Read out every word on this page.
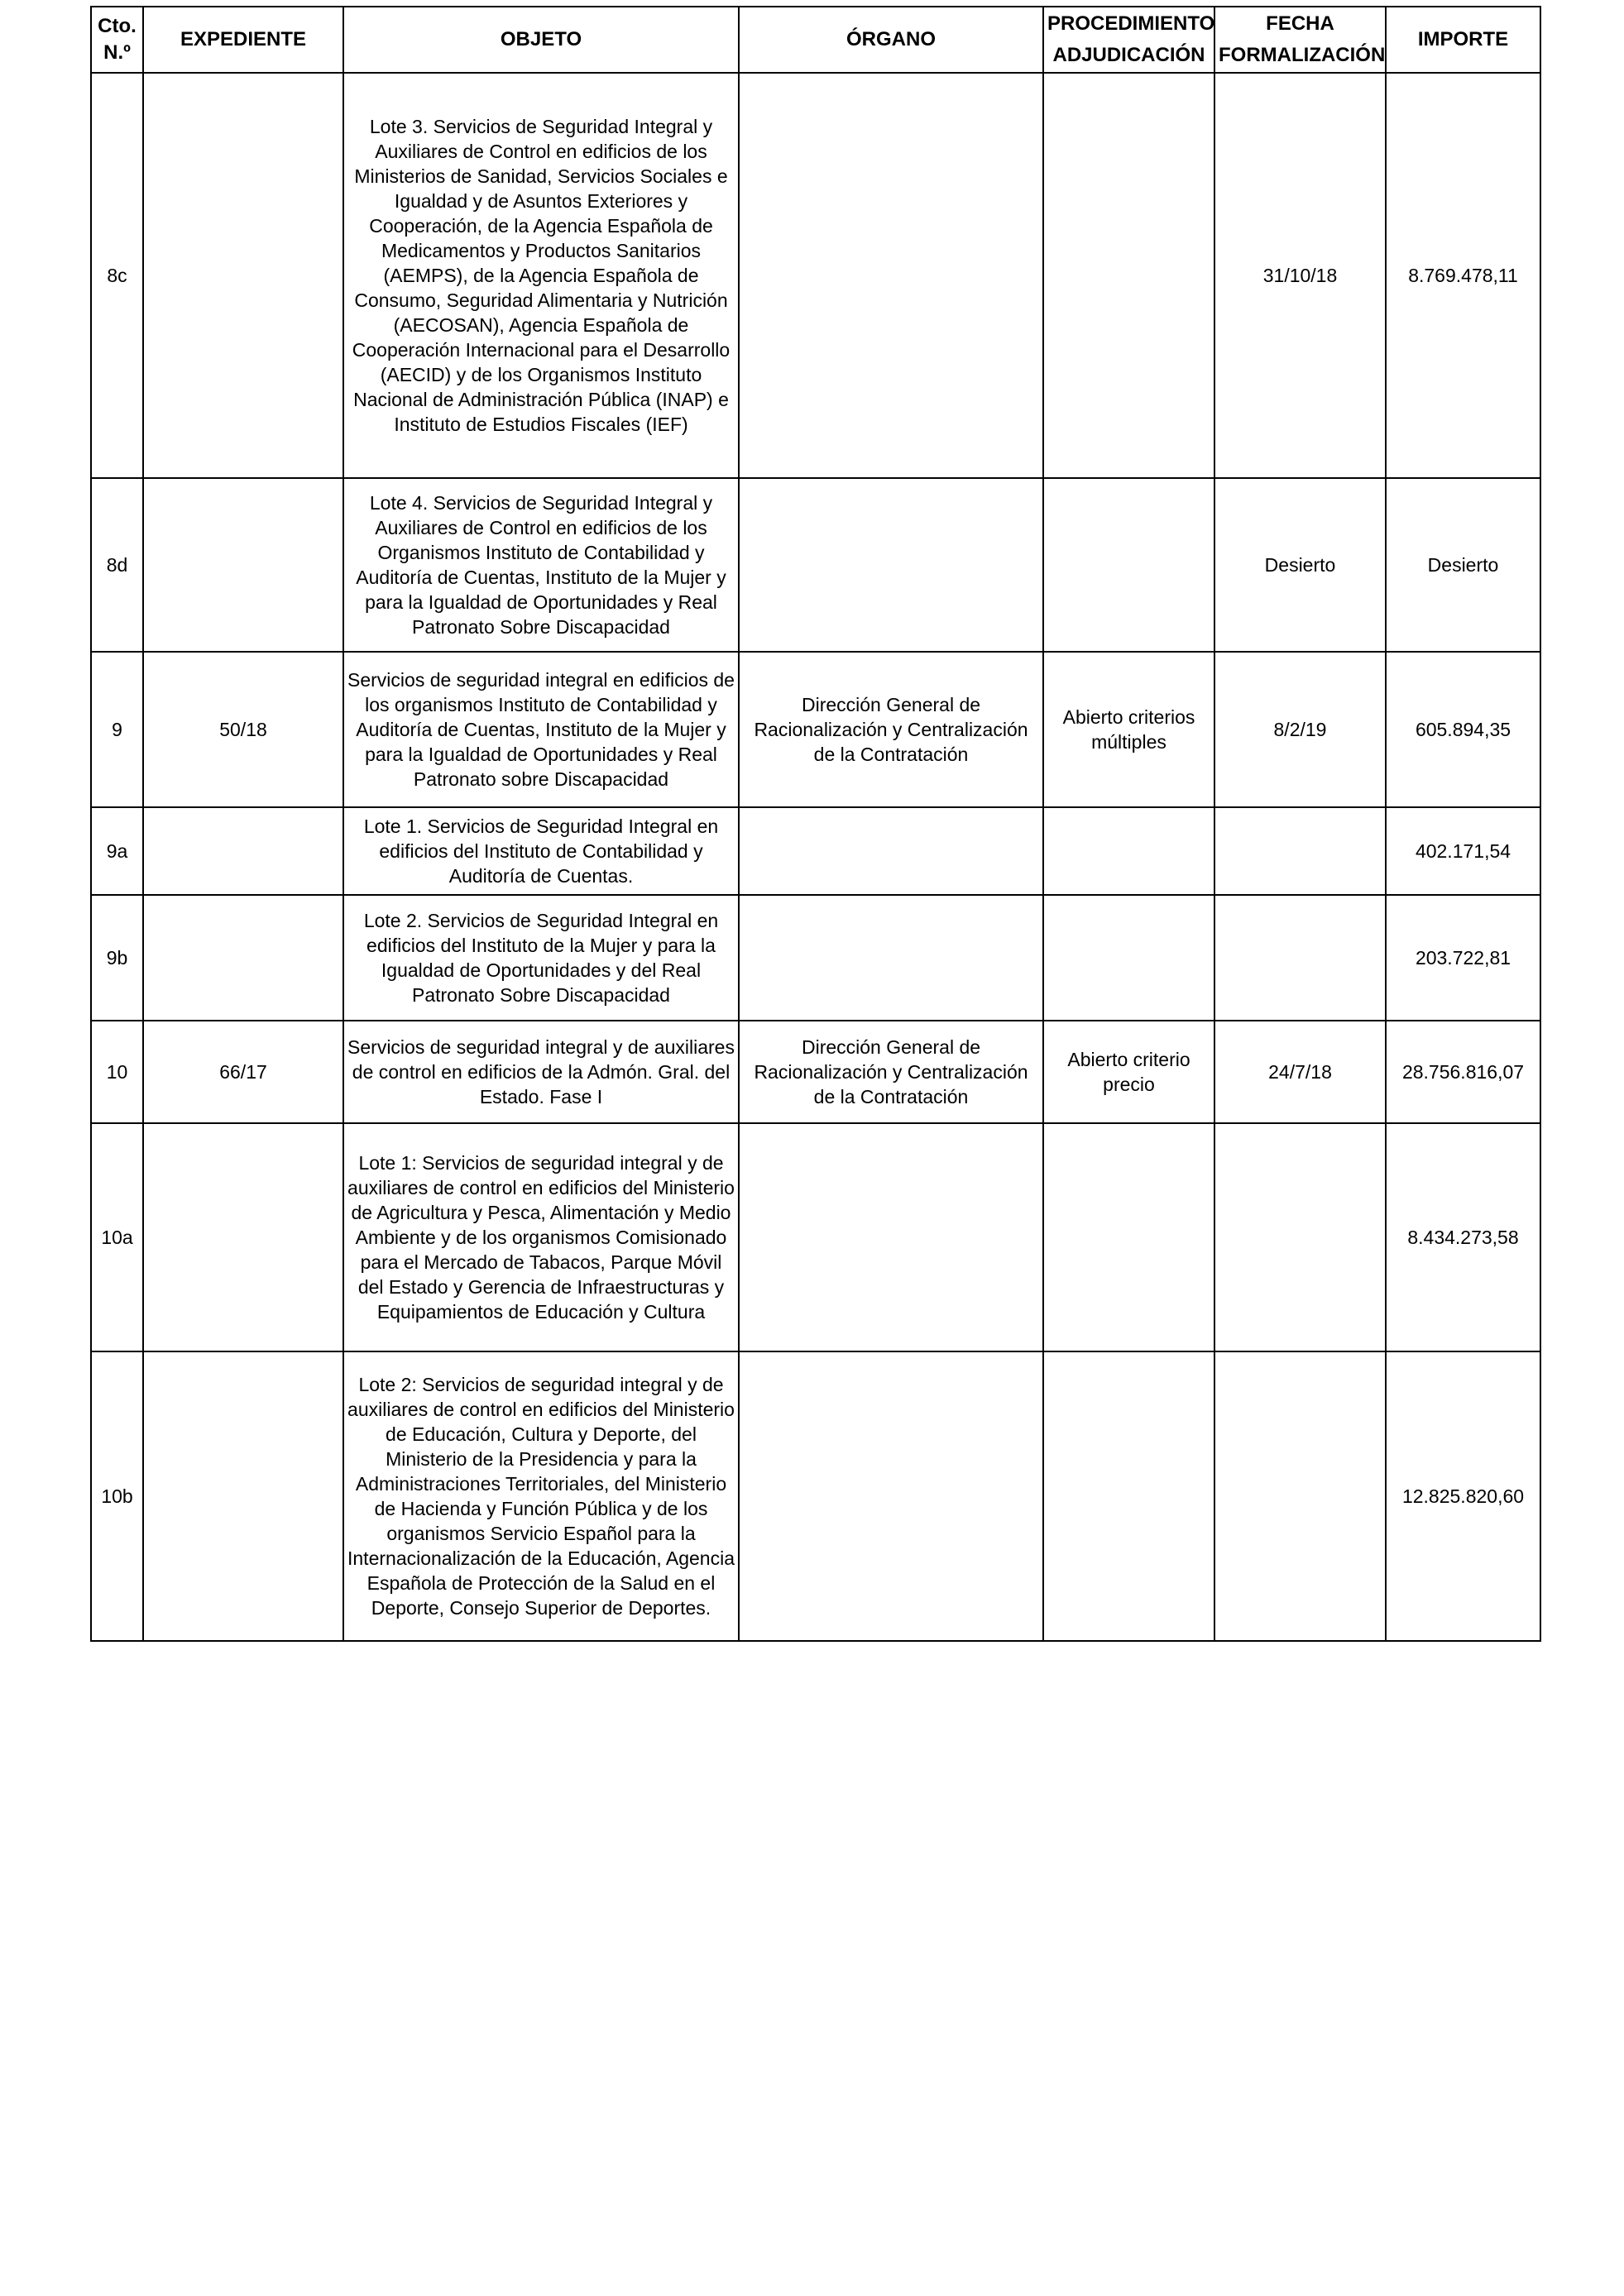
Cto. N.º	EXPEDIENTE	OBJETO	ÓRGANO	PROCEDIMIENTO ADJUDICACIÓN	FECHA FORMALIZACIÓN	IMPORTE
8c		Lote 3. Servicios de Seguridad Integral y Auxiliares de Control en edificios de los Ministerios de Sanidad, Servicios Sociales e Igualdad y de Asuntos Exteriores y Cooperación, de la Agencia Española de Medicamentos y Productos Sanitarios (AEMPS), de la Agencia Española de Consumo, Seguridad Alimentaria y Nutrición (AECOSAN), Agencia Española de Cooperación Internacional para el Desarrollo (AECID) y de los Organismos Instituto Nacional de Administración Pública (INAP) e Instituto de Estudios Fiscales (IEF)			31/10/18	8.769.478,11
8d		Lote 4. Servicios de Seguridad Integral y Auxiliares de Control en edificios de los Organismos Instituto de Contabilidad y Auditoría de Cuentas, Instituto de la Mujer y para la Igualdad de Oportunidades y Real Patronato Sobre Discapacidad			Desierto	Desierto
9	50/18	Servicios de seguridad integral en edificios de los organismos Instituto de Contabilidad y Auditoría de Cuentas, Instituto de la Mujer y para la Igualdad de Oportunidades y Real Patronato sobre Discapacidad	Dirección General de Racionalización y Centralización de la Contratación	Abierto criterios múltiples	8/2/19	605.894,35
9a		Lote 1. Servicios de Seguridad Integral en edificios del Instituto de Contabilidad y Auditoría de Cuentas.				402.171,54
9b		Lote 2. Servicios de Seguridad Integral en edificios del Instituto de la Mujer y para la Igualdad de Oportunidades y del Real Patronato Sobre Discapacidad				203.722,81
10	66/17	Servicios de seguridad integral y de auxiliares de control en edificios de la Admón. Gral. del Estado. Fase I	Dirección General de Racionalización y Centralización de la Contratación	Abierto criterio precio	24/7/18	28.756.816,07
10a		Lote 1: Servicios de seguridad integral y de auxiliares de control en edificios del Ministerio de Agricultura y Pesca, Alimentación y Medio Ambiente y de los organismos Comisionado para el Mercado de Tabacos, Parque Móvil del Estado y Gerencia de Infraestructuras y Equipamientos de Educación y Cultura				8.434.273,58
10b		Lote 2: Servicios de seguridad integral y de auxiliares de control en edificios del Ministerio de Educación, Cultura y Deporte, del Ministerio de la Presidencia y para la Administraciones Territoriales, del Ministerio de Hacienda y Función Pública y de los organismos Servicio Español para la Internacionalización de la Educación, Agencia Española de Protección de la Salud en el Deporte, Consejo Superior de Deportes.				12.825.820,60
